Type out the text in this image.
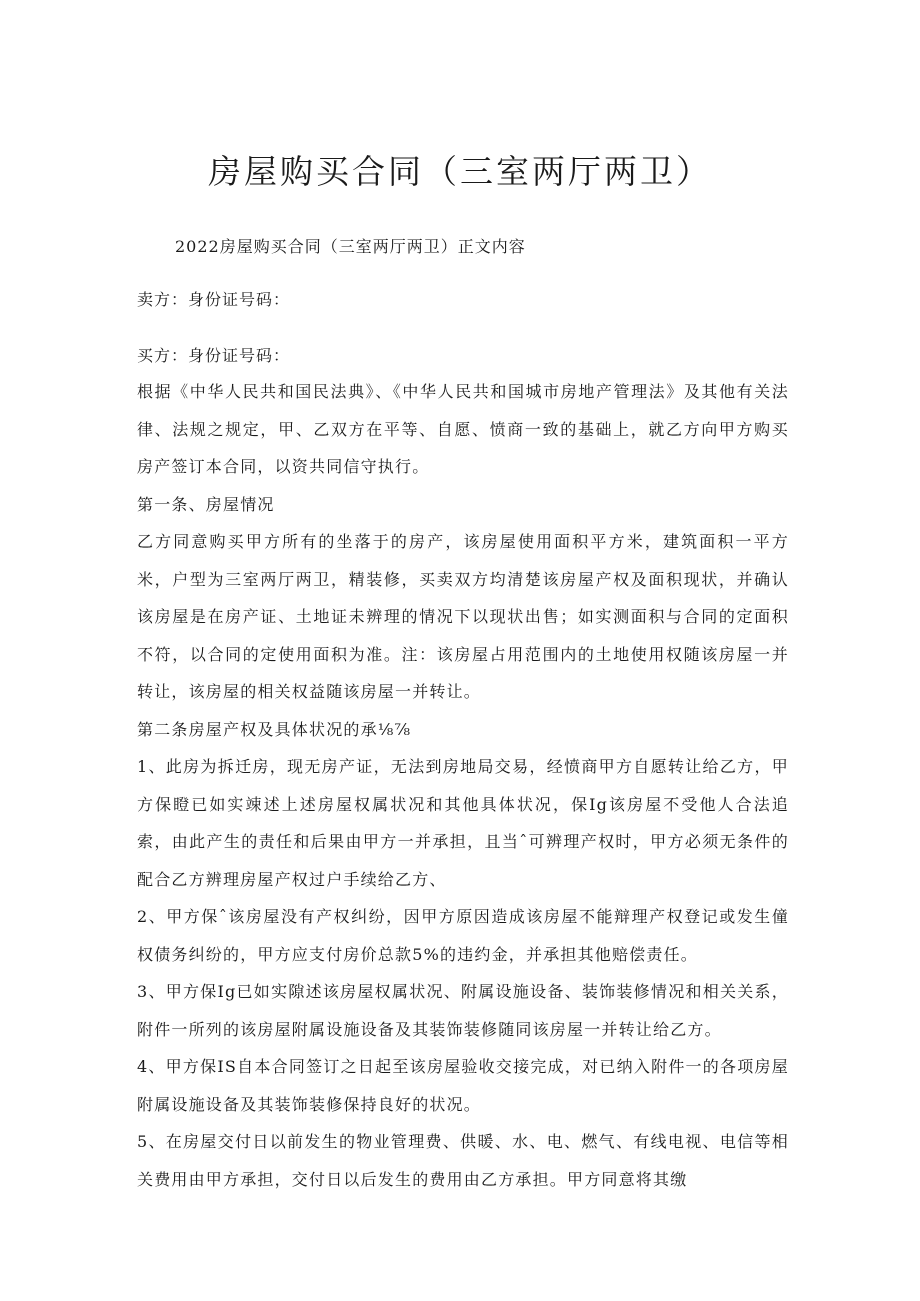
房屋购买合同（三室两厅两卫）
2022房屋购买合同（三室两厅两卫）正文内容
卖方：身份证号码：
买方：身份证号码：

根据《中华人民共和国民法典》、《中华人民共和国城市房地产管理法》及其他有关法律、法规之规定，甲、乙双方在平等、自愿、愤商一致的基础上，就乙方向甲方购买房产签订本合同，以资共同信守执行。

第一条、房屋情况

乙方同意购买甲方所有的坐落于的房产，该房屋使用面积平方米，建筑面积一平方米，户型为三室两厅两卫，精装修，买卖双方均清楚该房屋产权及面积现状，并确认该房屋是在房产证、土地证未辨理的情况下以现状出售；如实测面积与合同的定面积不符，以合同的定使用面积为准。注：该房屋占用范围内的土地使用权随该房屋一并转让，该房屋的相关权益随该房屋一并转让。

第二条房屋产权及具体状况的承⅛⅞

1、此房为拆迁房，现无房产证，无法到房地局交易，经愤商甲方自愿转让给乙方，甲方保瞪已如实竦述上述房屋权属状况和其他具体状况，保Ig该房屋不受他人合法追索，由此产生的责任和后果由甲方一并承担，且当ˆ可辨理产权时，甲方必须无条件的配合乙方辨理房屋产权过户手续给乙方、

2、甲方保ˆ该房屋没有产权纠纷，因甲方原因造成该房屋不能辩理产权登记或发生僮权债务纠纷的，甲方应支付房价总款5%的违约金，并承担其他赔偿责任。

3、甲方保Ig已如实隙述该房屋权属状况、附属设施设备、装饰装修情况和相关关系，附件一所列的该房屋附属设施设备及其装饰装修随同该房屋一并转让给乙方。

4、甲方保IS自本合同签订之日起至该房屋验收交接完成，对已纳入附件一的各项房屋附属设施设备及其装饰装修保持良好的状况。

5、在房屋交付日以前发生的物业管理费、供暖、水、电、燃气、有线电视、电信等相关费用由甲方承担，交付日以后发生的费用由乙方承担。甲方同意将其缴
